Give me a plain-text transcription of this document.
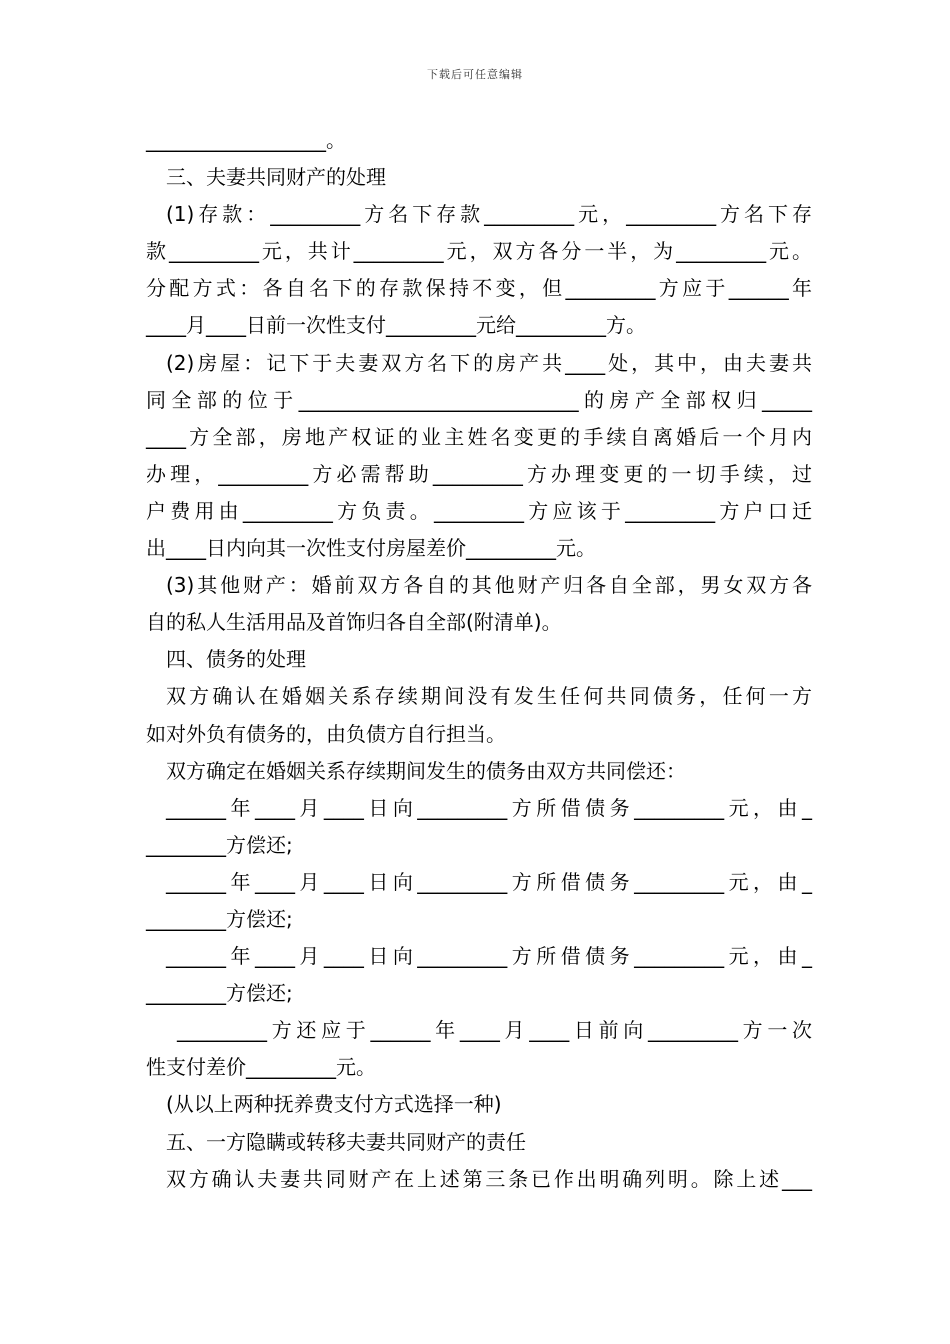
下载后可任意编辑
__________________。
三、夫妻共同财产的处理
(1)存款：_________方名下存款_________元，_________方名下存
款_________元，共计_________元，双方各分一半，为_________元。
分配方式：各自名下的存款保持不变，但_________方应于______年
____月____日前一次性支付_________元给_________方。
(2)房屋：记下于夫妻双方名下的房产共____处，其中，由夫妻共
同全部的位于____________________________的房产全部权归_____
____方全部，房地产权证的业主姓名变更的手续自离婚后一个月内
办理，_________方必需帮助_________方办理变更的一切手续，过
户费用由_________方负责。_________方应该于_________方户口迁
出____日内向其一次性支付房屋差价_________元。
(3)其他财产：婚前双方各自的其他财产归各自全部，男女双方各
自的私人生活用品及首饰归各自全部(附清单)。
四、债务的处理
双方确认在婚姻关系存续期间没有发生任何共同债务，任何一方
如对外负有债务的，由负债方自行担当。
双方确定在婚姻关系存续期间发生的债务由双方共同偿还：
______年____月____日向_________方所借债务_________元，由_
________方偿还;
______年____月____日向_________方所借债务_________元，由_
________方偿还;
______年____月____日向_________方所借债务_________元，由_
________方偿还;
_________方还应于______年____月____日前向_________方一次
性支付差价_________元。
(从以上两种抚养费支付方式选择一种)
五、一方隐瞒或转移夫妻共同财产的责任
双方确认夫妻共同财产在上述第三条已作出明确列明。除上述___
